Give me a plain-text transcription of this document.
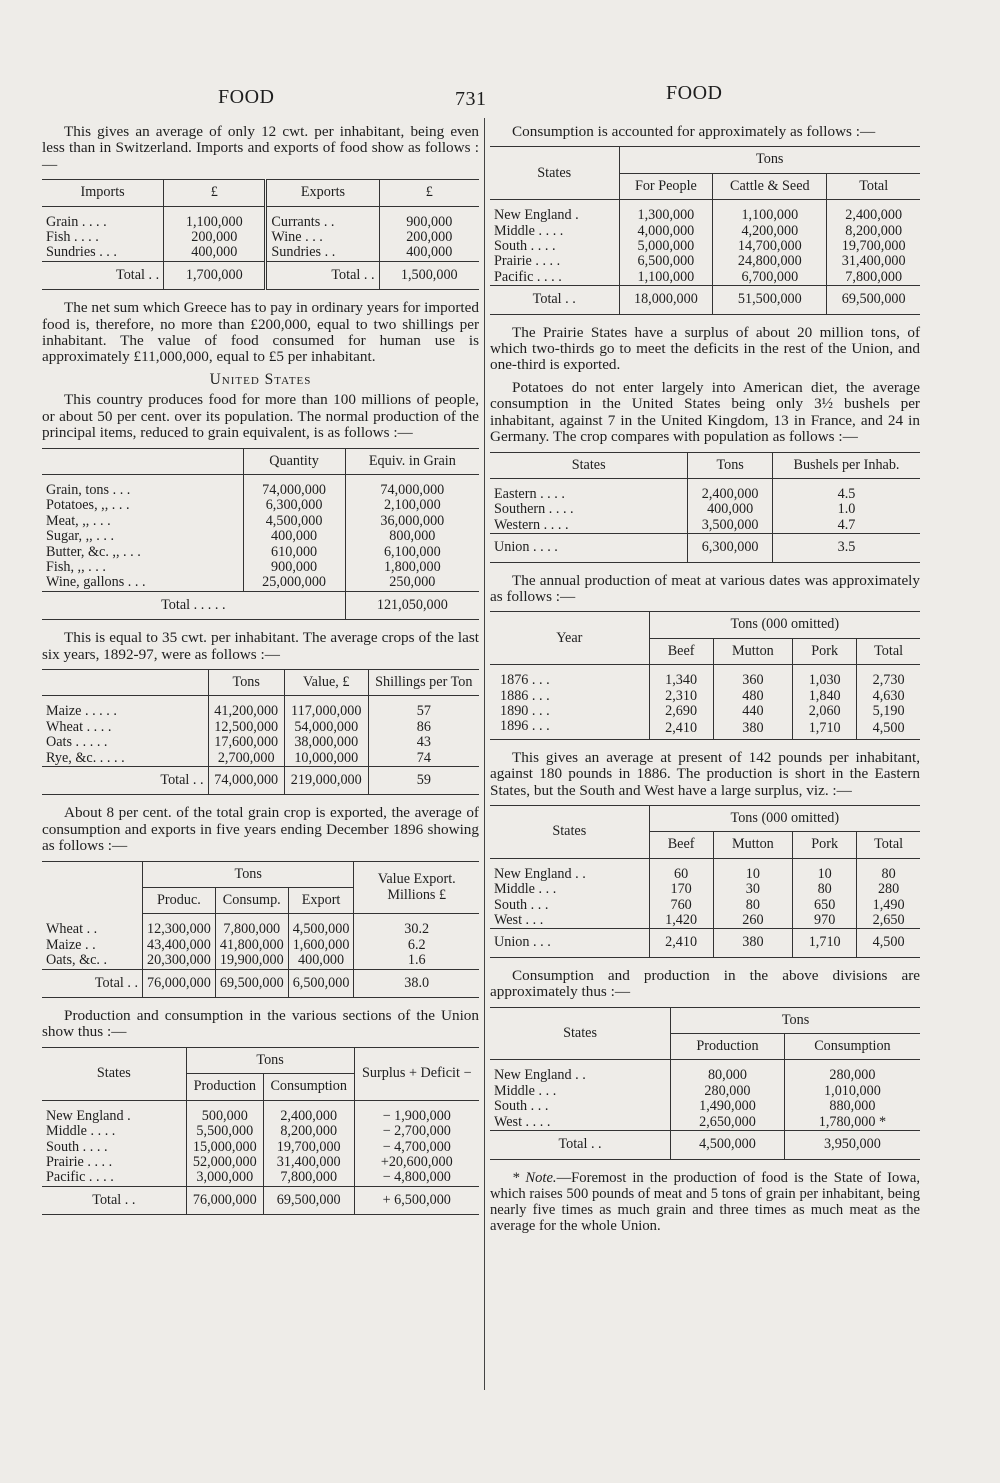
FOOD	731	FOOD

This gives an average of only 12 cwt. per inhabitant, being even less than in Switzerland. Imports and exports of food show as follows :—

Imports	£	Exports	£

Grain . . . .	1,100,000	Currants . .	900,000
Fish . . . .	200,000	Wine . . .	200,000
Sundries . . .	400,000	Sundries . .	400,000
Total . .	1,700,000	Total . .	1,500,000

The net sum which Greece has to pay in ordinary years for imported food is, therefore, no more than £200,000, equal to two shillings per inhabitant. The value of food consumed for human use is approximately £11,000,000, equal to £5 per inhabitant.

United States

This country produces food for more than 100 millions of people, or about 50 per cent. over its population. The normal production of the principal items, reduced to grain equivalent, is as follows :—

	Quantity	Equiv. in Grain

Grain, tons . . .	74,000,000	74,000,000
Potatoes, ,, . . .	6,300,000	2,100,000
Meat, ,, . . .	4,500,000	36,000,000
Sugar, ,, . . .	400,000	800,000
Butter, &c. ,, . . .	610,000	6,100,000
Fish, ,, . . .	900,000	1,800,000
Wine, gallons . . .	25,000,000	250,000
Total . . . . .		121,050,000

This is equal to 35 cwt. per inhabitant. The average crops of the last six years, 1892-97, were as follows :—

	Tons	Value, £	Shillings per Ton

Maize . . . . .	41,200,000	117,000,000	57
Wheat . . . .	12,500,000	54,000,000	86
Oats . . . . .	17,600,000	38,000,000	43
Rye, &c. . . . .	2,700,000	10,000,000	74
Total . .	74,000,000	219,000,000	59

About 8 per cent. of the total grain crop is exported, the average of consumption and exports in five years ending December 1896 showing as follows :—

	Tons			Value Export. Millions £
	Produc.	Consump.	Export	

Wheat . .	12,300,000	7,800,000	4,500,000	30.2
Maize . .	43,400,000	41,800,000	1,600,000	6.2
Oats, &c. .	20,300,000	19,900,000	400,000	1.6
Total . .	76,000,000	69,500,000	6,500,000	38.0

Production and consumption in the various sections of the Union show thus :—

States	Tons		Surplus + Deficit −
	Production	Consumption	

New England .	500,000	2,400,000	− 1,900,000
Middle . . . .	5,500,000	8,200,000	− 2,700,000
South . . . .	15,000,000	19,700,000	− 4,700,000
Prairie . . . .	52,000,000	31,400,000	+20,600,000
Pacific . . . .	3,000,000	7,800,000	− 4,800,000
Total . .	76,000,000	69,500,000	+ 6,500,000

Consumption is accounted for approximately as follows :—

States	Tons		
	For People	Cattle & Seed	Total

New England .	1,300,000	1,100,000	2,400,000
Middle . . . .	4,000,000	4,200,000	8,200,000
South . . . .	5,000,000	14,700,000	19,700,000
Prairie . . . .	6,500,000	24,800,000	31,400,000
Pacific . . . .	1,100,000	6,700,000	7,800,000
Total . .	18,000,000	51,500,000	69,500,000

The Prairie States have a surplus of about 20 million tons, of which two-thirds go to meet the deficits in the rest of the Union, and one-third is exported.

Potatoes do not enter largely into American diet, the average consumption in the United States being only 3½ bushels per inhabitant, against 7 in the United Kingdom, 13 in France, and 24 in Germany. The crop compares with population as follows :—

States	Tons	Bushels per Inhab.

Eastern . . . .	2,400,000	4.5
Southern . . . .	400,000	1.0
Western . . . .	3,500,000	4.7
Union . . . .	6,300,000	3.5

The annual production of meat at various dates was approximately as follows :—

Year	Tons (000 omitted)			
	Beef	Mutton	Pork	Total

1876 . . .	1,340	360	1,030	2,730
1886 . . .	2,310	480	1,840	4,630
1890 . . .	2,690	440	2,060	5,190
1896 . . .	2,410	380	1,710	4,500

This gives an average at present of 142 pounds per inhabitant, against 180 pounds in 1886. The production is short in the Eastern States, but the South and West have a large surplus, viz. :—

States	Tons (000 omitted)			
	Beef	Mutton	Pork	Total

New England . .	60	10	10	80
Middle . . .	170	30	80	280
South . . .	760	80	650	1,490
West . . .	1,420	260	970	2,650
Union . . .	2,410	380	1,710	4,500

Consumption and production in the above divisions are approximately thus :—

States	Tons	
	Production	Consumption

New England . .	80,000	280,000
Middle . . .	280,000	1,010,000
South . . .	1,490,000	880,000
West . . . .	2,650,000	1,780,000 *
Total . .	4,500,000	3,950,000

* Note.—Foremost in the production of food is the State of Iowa, which raises 500 pounds of meat and 5 tons of grain per inhabitant, being nearly five times as much grain and three times as much meat as the average for the whole Union.
